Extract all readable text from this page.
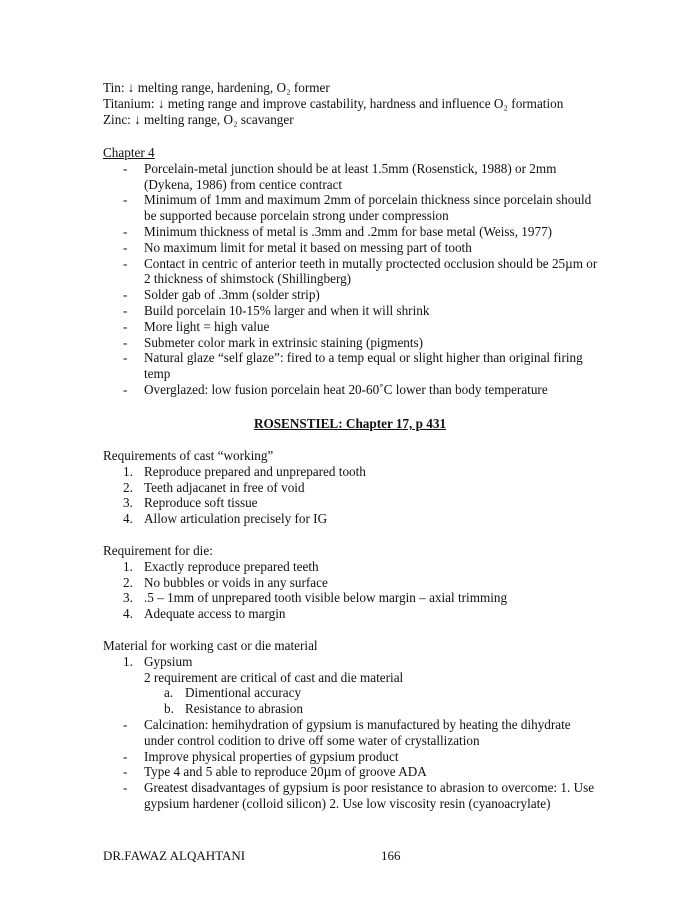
Tin: ↓ melting range, hardening, O₂ former
Titanium: ↓ meting range and improve castability, hardness and influence O₂ formation
Zinc: ↓ melting range, O₂ scavanger
Chapter 4
- Porcelain-metal junction should be at least 1.5mm (Rosenstick, 1988) or 2mm
(Dykena, 1986) from centice contract
- Minimum of 1mm and maximum 2mm of porcelain thickness since porcelain should
be supported because porcelain strong under compression
- Minimum thickness of metal is .3mm and .2mm for base metal (Weiss, 1977)
- No maximum limit for metal it based on messing part of tooth
- Contact in centric of anterior teeth in mutally proctected occlusion should be 25µm or
2 thickness of shimstock (Shillingberg)
- Solder gab of .3mm (solder strip)
- Build porcelain 10-15% larger and when it will shrink
- More light = high value
- Submeter color mark in extrinsic staining (pigments)
- Natural glaze “self glaze”: fired to a temp equal or slight higher than original firing
temp
- Overglazed: low fusion porcelain heat 20-60˚C lower than body temperature
ROSENSTIEL: Chapter 17, p 431
Requirements of cast “working”
1. Reproduce prepared and unprepared tooth
2. Teeth adjacanet in free of void
3. Reproduce soft tissue
4. Allow articulation precisely for IG
Requirement for die:
1. Exactly reproduce prepared teeth
2. No bubbles or voids in any surface
3. .5 – 1mm of unprepared tooth visible below margin – axial trimming
4. Adequate access to margin
Material for working cast or die material
1. Gypsium
2 requirement are critical of cast and die material
a. Dimentional accuracy
b. Resistance to abrasion
- Calcination: hemihydration of gypsium is manufactured by heating the dihydrate
under control codition to drive off some water of crystallization
- Improve physical properties of gypsium product
- Type 4 and 5 able to reproduce 20µm of groove ADA
- Greatest disadvantages of gypsium is poor resistance to abrasion to overcome: 1. Use
gypsium hardener (colloid silicon) 2. Use low viscosity resin (cyanoacrylate)
DR.FAWAZ ALQAHTANI	166
